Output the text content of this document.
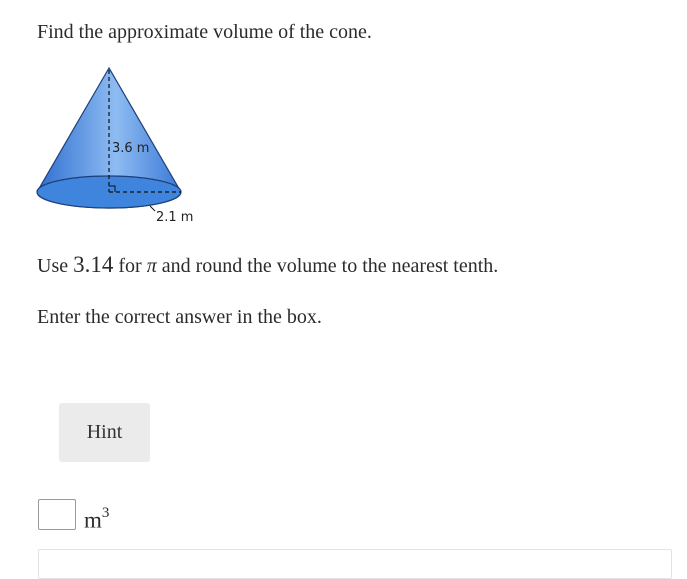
Find the approximate volume of the cone.
3.6 m
2.1 m
Use 3.14 for π and round the volume to the nearest tenth.
Enter the correct answer in the box.
Hint
$m^3$
